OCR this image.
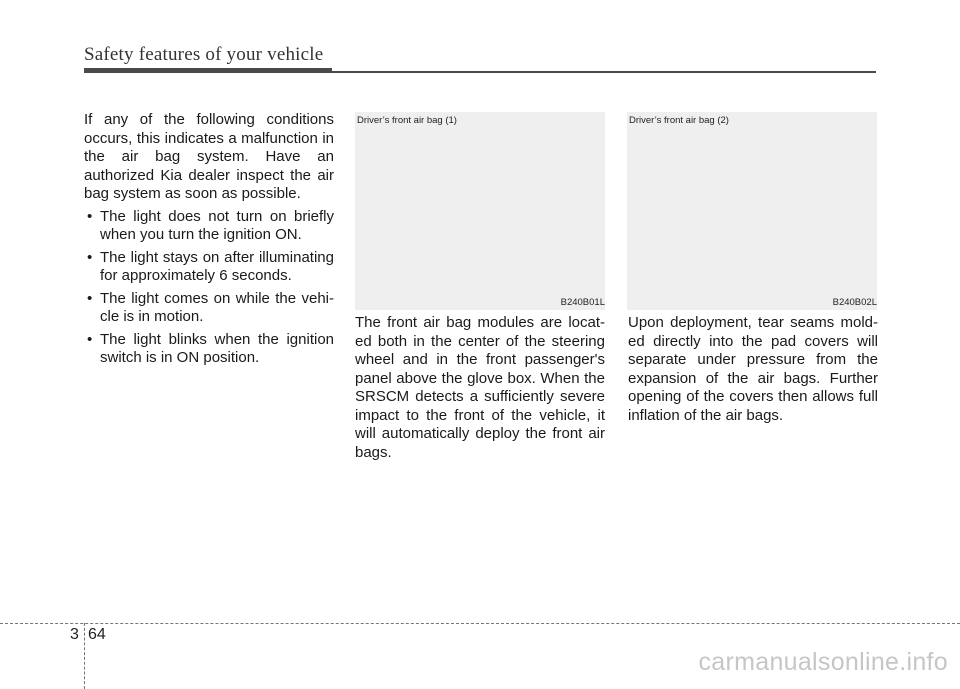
Safety features of your vehicle

If any of the following conditions occurs, this indicates a malfunction in the air bag system. Have an authorized Kia dealer inspect the air bag system as soon as possible.

• The light does not turn on briefly when you turn the ignition ON.
• The light stays on after illuminating for approximately 6 seconds.
• The light comes on while the vehi-cle is in motion.
• The light blinks when the ignition switch is in ON position.
Driver’s front air bag (1)
B240B01L
Driver’s front air bag (2)
B240B02L

The front air bag modules are locat-ed both in the center of the steering wheel and in the front passenger's panel above the glove box. When the SRSCM detects a sufficiently severe impact to the front of the vehicle, it will automatically deploy the front air bags.

Upon deployment, tear seams mold-ed directly into the pad covers will separate under pressure from the expansion of the air bags. Further opening of the covers then allows full inflation of the air bags.

3 64
carmanualsonline.info
